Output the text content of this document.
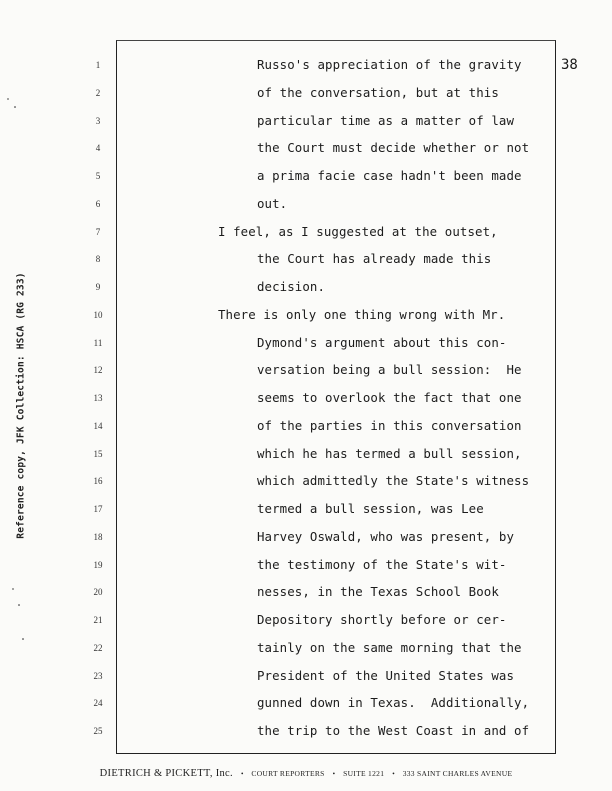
Reference copy, JFK Collection: HSCA (RG 233)
38
1	Russo's appreciation of the gravity
2	of the conversation, but at this
3	particular time as a matter of law
4	the Court must decide whether or not
5	a prima facie case hadn't been made
6	out.
7	I feel, as I suggested at the outset,
8	the Court has already made this
9	decision.
10	There is only one thing wrong with Mr.
11	Dymond's argument about this con-
12	versation being a bull session:  He
13	seems to overlook the fact that one
14	of the parties in this conversation
15	which he has termed a bull session,
16	which admittedly the State's witness
17	termed a bull session, was Lee
18	Harvey Oswald, who was present, by
19	the testimony of the State's wit-
20	nesses, in the Texas School Book
21	Depository shortly before or cer-
22	tainly on the same morning that the
23	President of the United States was
24	gunned down in Texas.  Additionally,
25	the trip to the West Coast in and of
DIETRICH & PICKETT, Inc. • COURT REPORTERS • SUITE 1221 • 333 SAINT CHARLES AVENUE
